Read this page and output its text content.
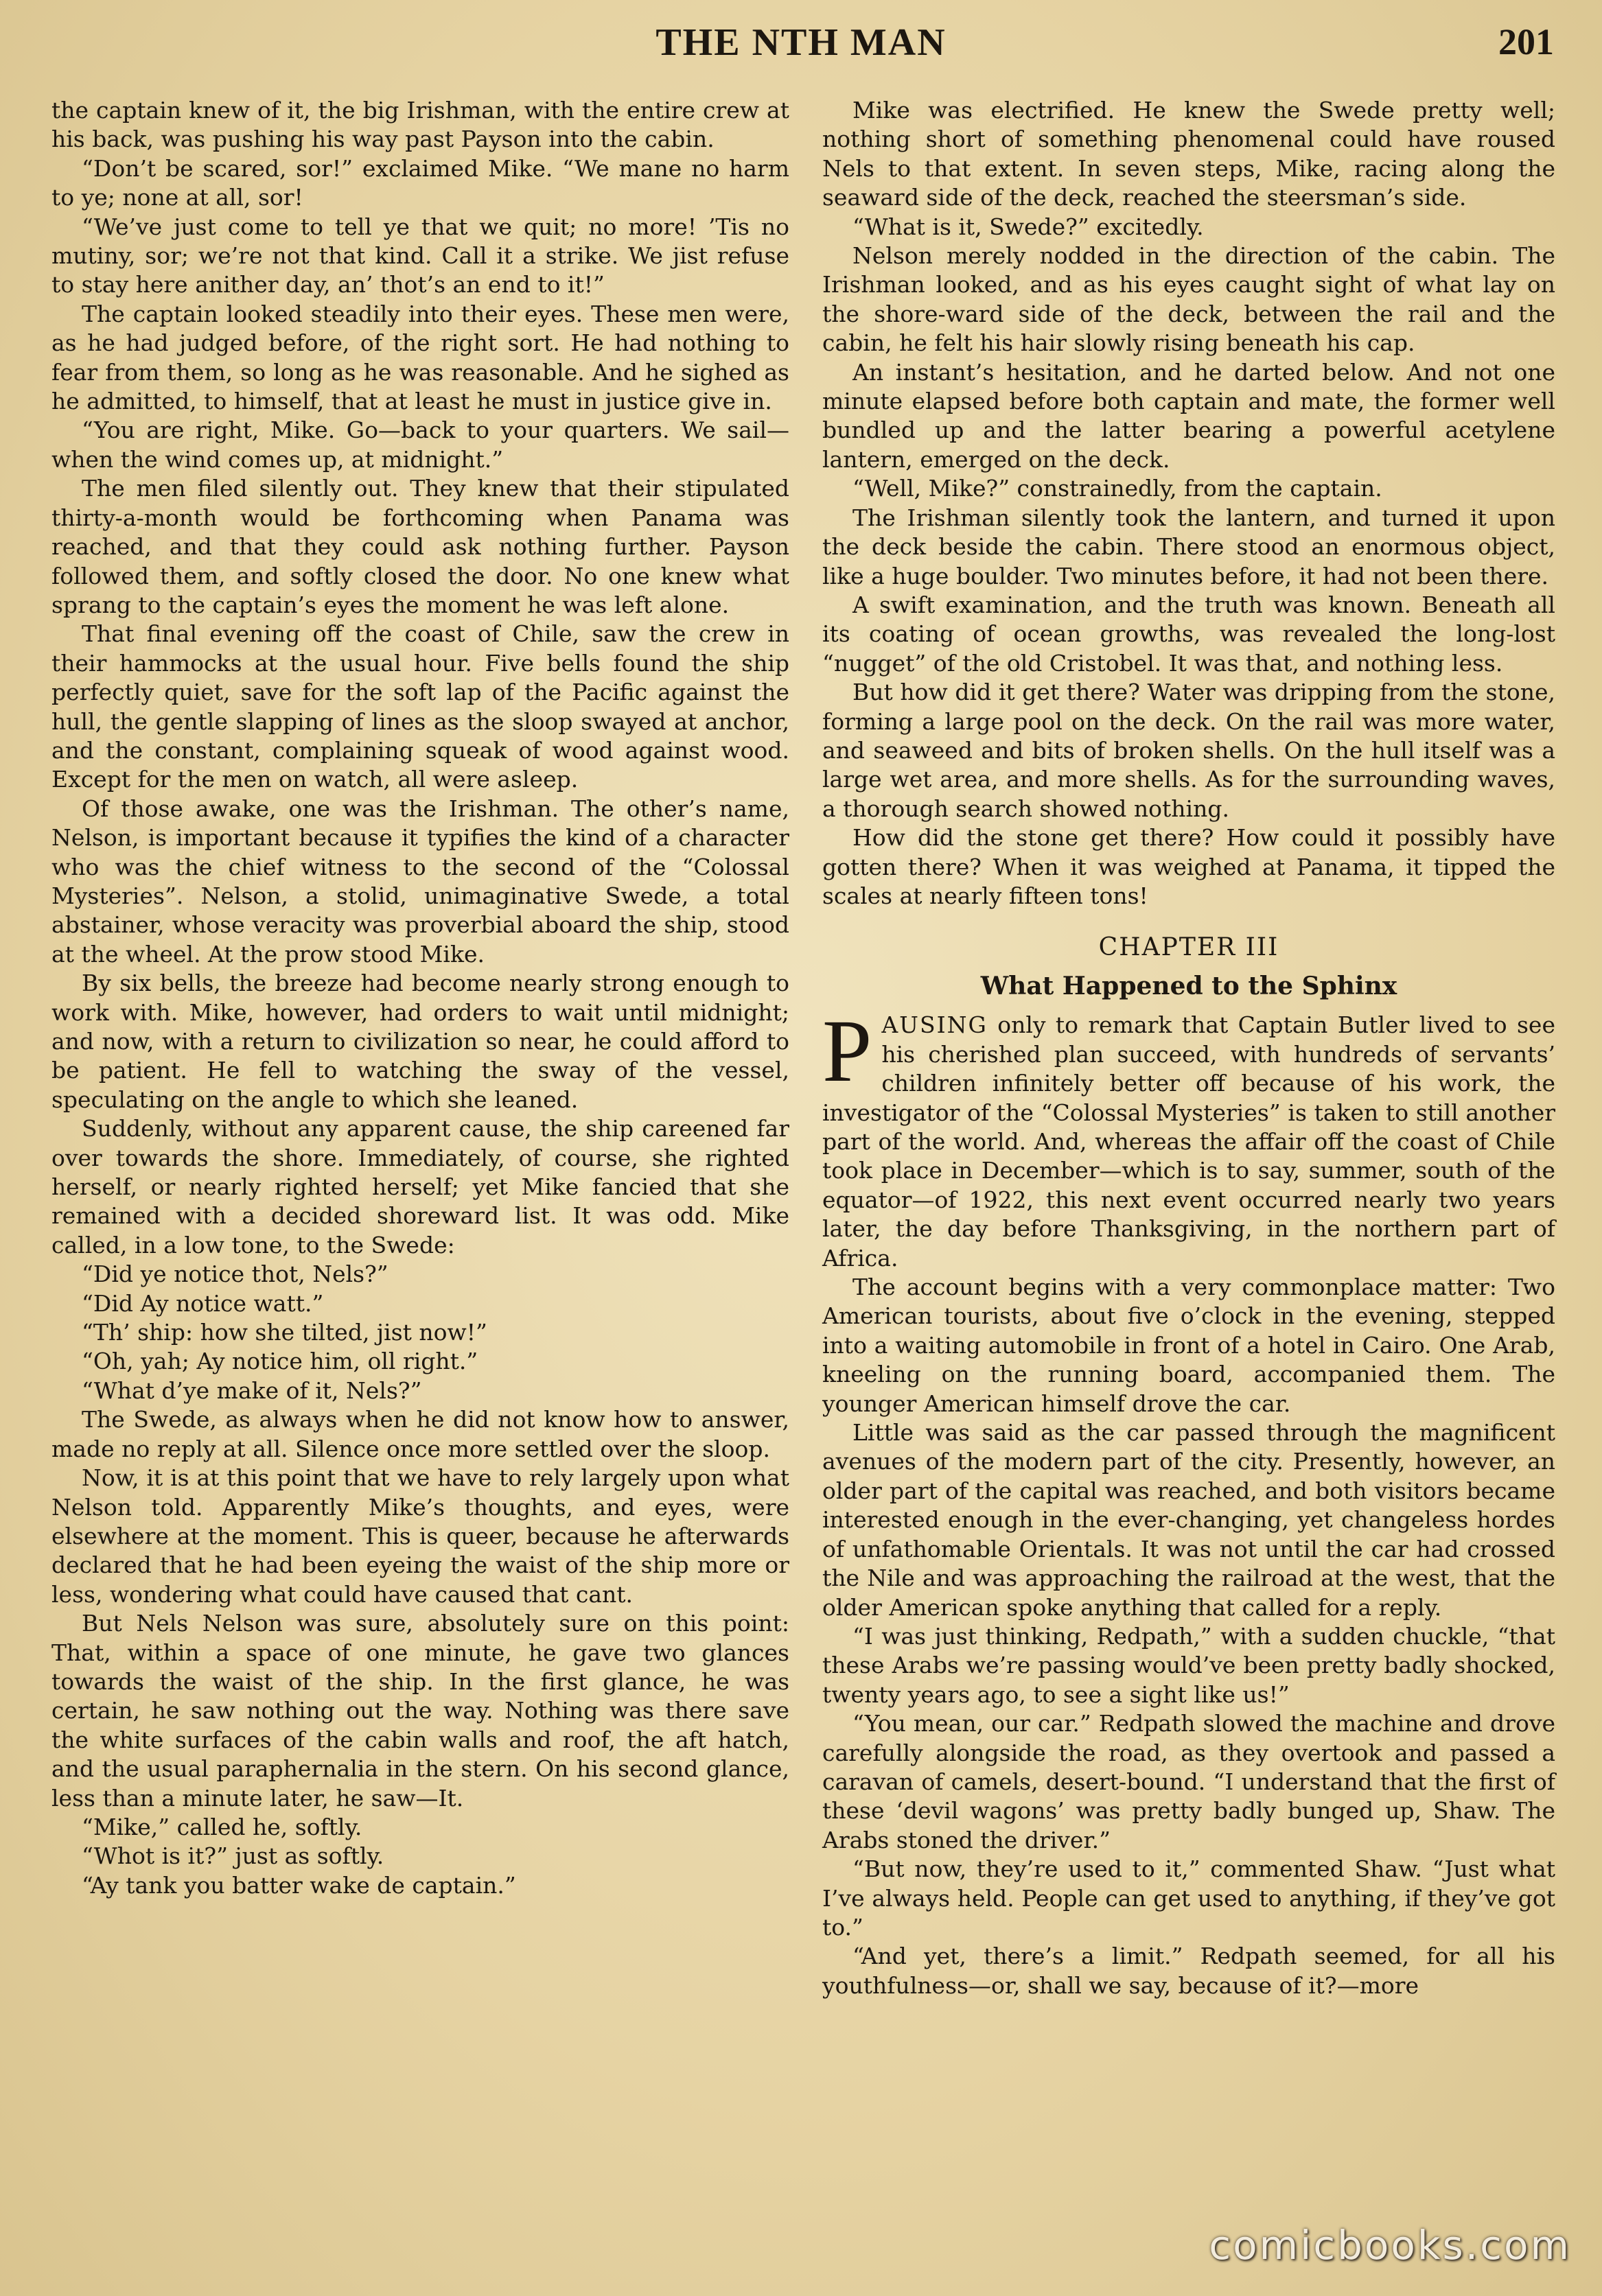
THE NTH MAN	201

the captain knew of it, the big Irishman, with the entire crew at his back, was pushing his way past Payson into the cabin.

“Don’t be scared, sor!” exclaimed Mike. “We mane no harm to ye; none at all, sor!

“We’ve just come to tell ye that we quit; no more! ’Tis no mutiny, sor; we’re not that kind. Call it a strike. We jist refuse to stay here anither day, an’ thot’s an end to it!”

The captain looked steadily into their eyes. These men were, as he had judged before, of the right sort. He had nothing to fear from them, so long as he was reasonable. And he sighed as he admitted, to himself, that at least he must in justice give in.

“You are right, Mike. Go—back to your quarters. We sail—when the wind comes up, at midnight.”

The men filed silently out. They knew that their stipulated thirty-a-month would be forthcoming when Panama was reached, and that they could ask nothing further. Payson followed them, and softly closed the door. No one knew what sprang to the captain’s eyes the moment he was left alone.

That final evening off the coast of Chile, saw the crew in their hammocks at the usual hour. Five bells found the ship perfectly quiet, save for the soft lap of the Pacific against the hull, the gentle slapping of lines as the sloop swayed at anchor, and the constant, complaining squeak of wood against wood. Except for the men on watch, all were asleep.

Of those awake, one was the Irishman. The other’s name, Nelson, is important because it typifies the kind of a character who was the chief witness to the second of the “Colossal Mysteries”. Nelson, a stolid, unimaginative Swede, a total abstainer, whose veracity was proverbial aboard the ship, stood at the wheel. At the prow stood Mike.

By six bells, the breeze had become nearly strong enough to work with. Mike, however, had orders to wait until midnight; and now, with a return to civilization so near, he could afford to be patient. He fell to watching the sway of the vessel, speculating on the angle to which she leaned.

Suddenly, without any apparent cause, the ship careened far over towards the shore. Immediately, of course, she righted herself, or nearly righted herself; yet Mike fancied that she remained with a decided shoreward list. It was odd. Mike called, in a low tone, to the Swede:

“Did ye notice thot, Nels?”

“Did Ay notice watt.”

“Th’ ship: how she tilted, jist now!”

“Oh, yah; Ay notice him, oll right.”

“What d’ye make of it, Nels?”

The Swede, as always when he did not know how to answer, made no reply at all. Silence once more settled over the sloop.

Now, it is at this point that we have to rely largely upon what Nelson told. Apparently Mike’s thoughts, and eyes, were elsewhere at the moment. This is queer, because he afterwards declared that he had been eyeing the waist of the ship more or less, wondering what could have caused that cant.

But Nels Nelson was sure, absolutely sure on this point: That, within a space of one minute, he gave two glances towards the waist of the ship. In the first glance, he was certain, he saw nothing out the way. Nothing was there save the white surfaces of the cabin walls and roof, the aft hatch, and the usual paraphernalia in the stern. On his second glance, less than a minute later, he saw—It.

“Mike,” called he, softly.

“Whot is it?” just as softly.

“Ay tank you batter wake de captain.”

Mike was electrified. He knew the Swede pretty well; nothing short of something phenomenal could have roused Nels to that extent. In seven steps, Mike, racing along the seaward side of the deck, reached the steersman’s side.

“What is it, Swede?” excitedly.

Nelson merely nodded in the direction of the cabin. The Irishman looked, and as his eyes caught sight of what lay on the shore-ward side of the deck, between the rail and the cabin, he felt his hair slowly rising beneath his cap.

An instant’s hesitation, and he darted below. And not one minute elapsed before both captain and mate, the former well bundled up and the latter bearing a powerful acetylene lantern, emerged on the deck.

“Well, Mike?” constrainedly, from the captain.

The Irishman silently took the lantern, and turned it upon the deck beside the cabin. There stood an enormous object, like a huge boulder. Two minutes before, it had not been there.

A swift examination, and the truth was known. Beneath all its coating of ocean growths, was revealed the long-lost “nugget” of the old Cristobel. It was that, and nothing less.

But how did it get there? Water was dripping from the stone, forming a large pool on the deck. On the rail was more water, and seaweed and bits of broken shells. On the hull itself was a large wet area, and more shells. As for the surrounding waves, a thorough search showed nothing.

How did the stone get there? How could it possibly have gotten there? When it was weighed at Panama, it tipped the scales at nearly fifteen tons!

CHAPTER III
What Happened to the Sphinx

PAUSING only to remark that Captain Butler lived to see his cherished plan succeed, with hundreds of servants’ children infinitely better off because of his work, the investigator of the “Colossal Mysteries” is taken to still another part of the world. And, whereas the affair off the coast of Chile took place in December—which is to say, summer, south of the equator—of 1922, this next event occurred nearly two years later, the day before Thanksgiving, in the northern part of Africa.

The account begins with a very commonplace matter: Two American tourists, about five o’clock in the evening, stepped into a waiting automobile in front of a hotel in Cairo. One Arab, kneeling on the running board, accompanied them. The younger American himself drove the car.

Little was said as the car passed through the magnificent avenues of the modern part of the city. Presently, however, an older part of the capital was reached, and both visitors became interested enough in the ever-changing, yet changeless hordes of unfathomable Orientals. It was not until the car had crossed the Nile and was approaching the railroad at the west, that the older American spoke anything that called for a reply.

“I was just thinking, Redpath,” with a sudden chuckle, “that these Arabs we’re passing would’ve been pretty badly shocked, twenty years ago, to see a sight like us!”

“You mean, our car.” Redpath slowed the machine and drove carefully alongside the road, as they overtook and passed a caravan of camels, desert-bound. “I understand that the first of these ‘devil wagons’ was pretty badly bunged up, Shaw. The Arabs stoned the driver.”

“But now, they’re used to it,” commented Shaw. “Just what I’ve always held. People can get used to anything, if they’ve got to.”

“And yet, there’s a limit.” Redpath seemed, for all his youthfulness—or, shall we say, because of it?—more

comicbooks.com
